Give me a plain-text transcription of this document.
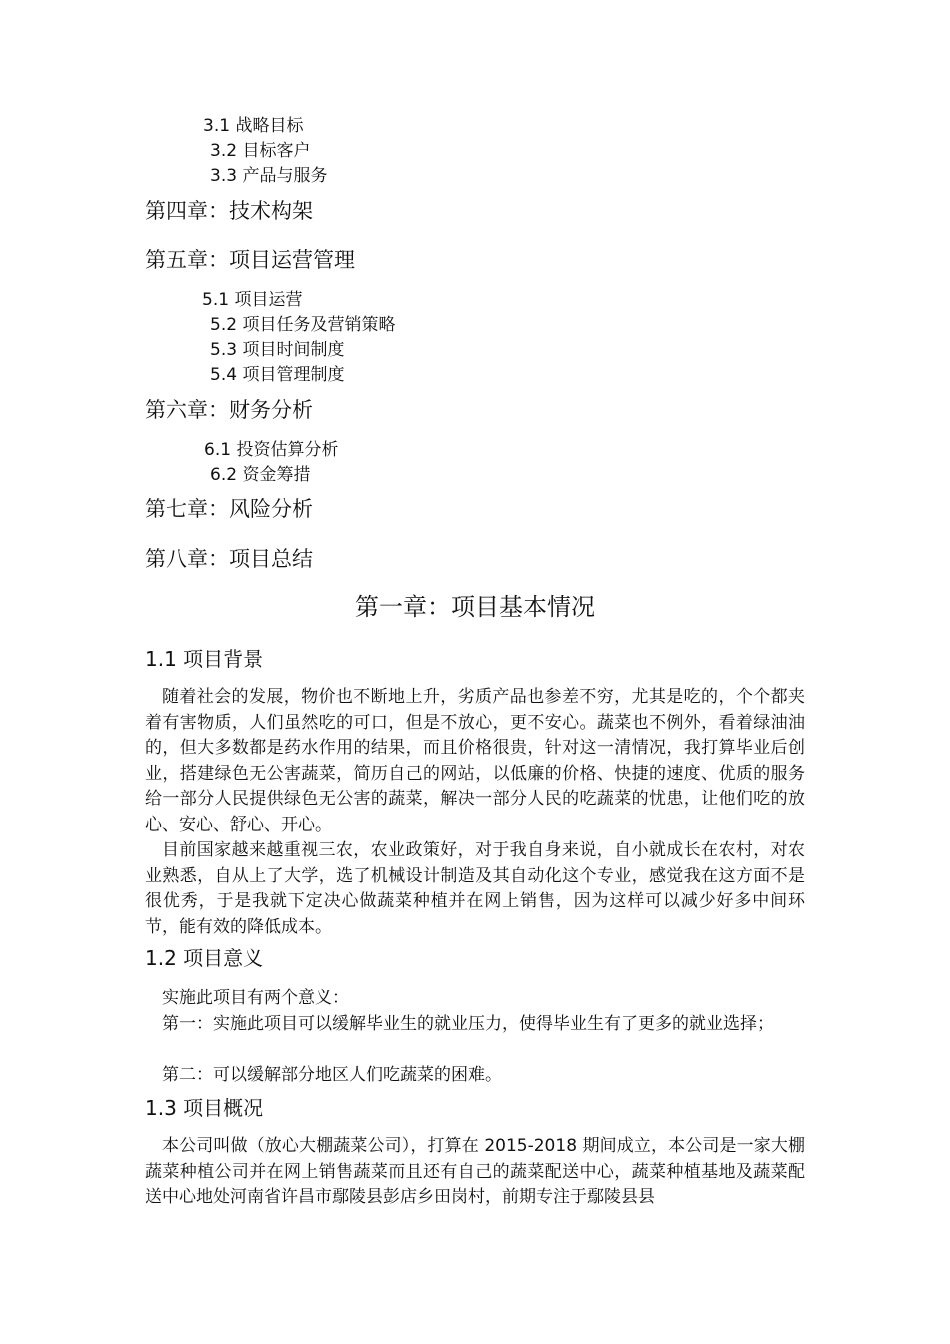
3.1 战略目标
3.2 目标客户
3.3 产品与服务
第四章：技术构架
第五章：项目运营管理
5.1 项目运营
5.2 项目任务及营销策略
5.3 项目时间制度
5.4 项目管理制度
第六章：财务分析
6.1 投资估算分析
6.2 资金筹措
第七章：风险分析
第八章：项目总结
第一章：项目基本情况
1.1 项目背景

随着社会的发展，物价也不断地上升，劣质产品也参差不穷，尤其是吃的，个个都夹着有害物质，人们虽然吃的可口，但是不放心，更不安心。蔬菜也不例外，看着绿油油的，但大多数都是药水作用的结果，而且价格很贵，针对这一清情况，我打算毕业后创业，搭建绿色无公害蔬菜，简历自己的网站，以低廉的价格、快捷的速度、优质的服务给一部分人民提供绿色无公害的蔬菜，解决一部分人民的吃蔬菜的忧患，让他们吃的放心、安心、舒心、开心。

目前国家越来越重视三农，农业政策好，对于我自身来说，自小就成长在农村，对农业熟悉，自从上了大学，选了机械设计制造及其自动化这个专业，感觉我在这方面不是很优秀，于是我就下定决心做蔬菜种植并在网上销售，因为这样可以减少好多中间环节，能有效的降低成本。

1.2 项目意义

实施此项目有两个意义：

第一：实施此项目可以缓解毕业生的就业压力，使得毕业生有了更多的就业选择；

第二：可以缓解部分地区人们吃蔬菜的困难。

1.3 项目概况

本公司叫做（放心大棚蔬菜公司），打算在 2015-2018 期间成立，本公司是一家大棚蔬菜种植公司并在网上销售蔬菜而且还有自己的蔬菜配送中心，蔬菜种植基地及蔬菜配送中心地处河南省许昌市鄢陵县彭店乡田岗村，前期专注于鄢陵县县
